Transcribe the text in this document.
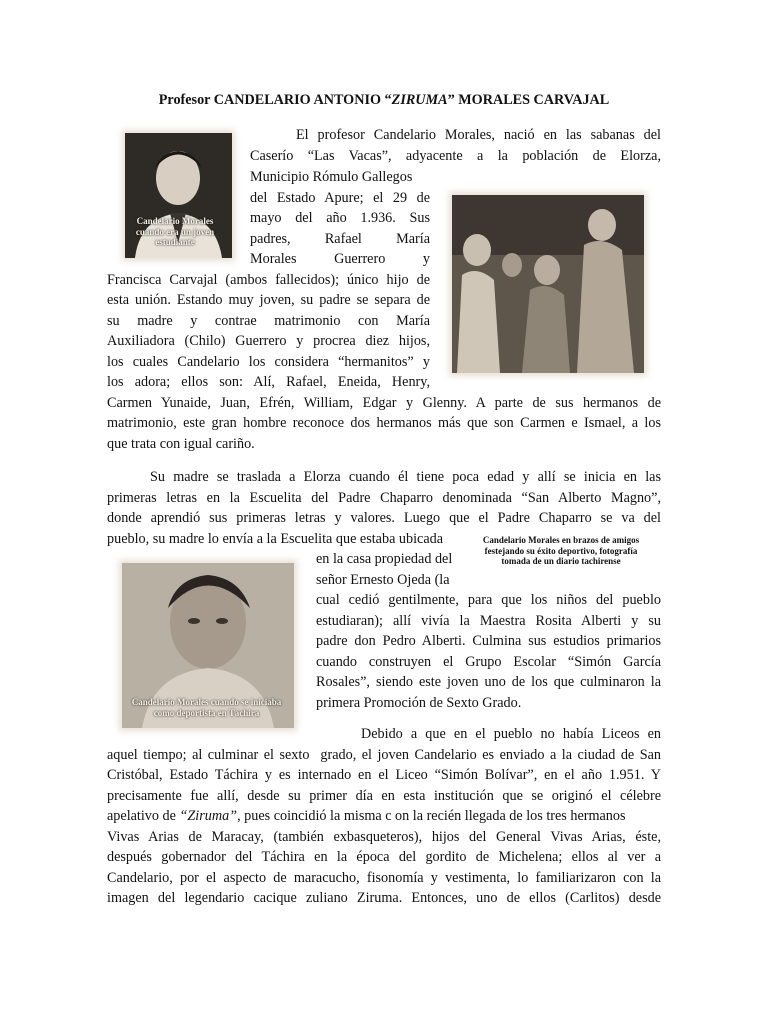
Profesor CANDELARIO ANTONIO “ZIRUMA” MORALES CARVAJAL
Candelario Morales cuando era un joven estudiante
Candelario Morales en brazos de amigos festejando su éxito deportivo, fotografía tomada de un diario tachirense
Candelario Morales cuando se iniciaba como deportista en Táchira
El profesor Candelario Morales, nació en las sabanas del
Caserío “Las Vacas”, adyacente a la población de Elorza,
Municipio Rómulo Gallegos
del Estado Apure; el 29 de
mayo del año 1.936. Sus
padres,      Rafael      María
Morales       Guerrero       y
Francisca Carvajal (ambos fallecidos); único hijo de
esta unión. Estando muy joven, su padre se separa de
su madre y contrae matrimonio con María
Auxiliadora (Chilo) Guerrero y procrea diez hijos,
los cuales Candelario los considera “hermanitos” y
los adora; ellos son: Alí, Rafael, Eneida, Henry,
Carmen Yunaide, Juan, Efrén, William, Edgar y Glenny. A parte de sus hermanos de
matrimonio, este gran hombre reconoce dos hermanos más que son Carmen e Ismael, a los
que trata con igual cariño.
Su madre se traslada a Elorza cuando él tiene poca edad y allí se inicia en las
primeras letras en la Escuelita del Padre Chaparro denominada “San Alberto Magno”,
donde aprendió sus primeras letras y valores. Luego que el Padre Chaparro se va del
pueblo, su madre lo envía a la Escuelita que estaba ubicada
en la casa propiedad del
señor Ernesto Ojeda (la
cual cedió gentilmente, para que los niños del pueblo
estudiaran); allí vivía la Maestra Rosita Alberti y su
padre don Pedro Alberti. Culmina sus estudios primarios
cuando construyen el Grupo Escolar “Simón García
Rosales”, siendo este joven uno de los que culminaron la
primera Promoción de Sexto Grado.
Debido a que en el pueblo no había Liceos en
aquel tiempo; al culminar el sexto  grado, el joven Candelario es enviado a la ciudad de San
Cristóbal, Estado Táchira y es internado en el Liceo “Simón Bolívar”, en el año 1.951. Y
precisamente fue allí, desde su primer día en esta institución que se originó el célebre
apelativo de “Ziruma”, pues coincidió la misma c on la recién llegada de los tres hermanos
Vivas Arias de Maracay, (también exbasqueteros), hijos del General Vivas Arias, éste,
después gobernador del Táchira en la época del gordito de Michelena; ellos al ver a
Candelario, por el aspecto de maracucho, fisonomía y vestimenta, lo familiarizaron con la
imagen del legendario cacique zuliano Ziruma. Entonces, uno de ellos (Carlitos) desde
